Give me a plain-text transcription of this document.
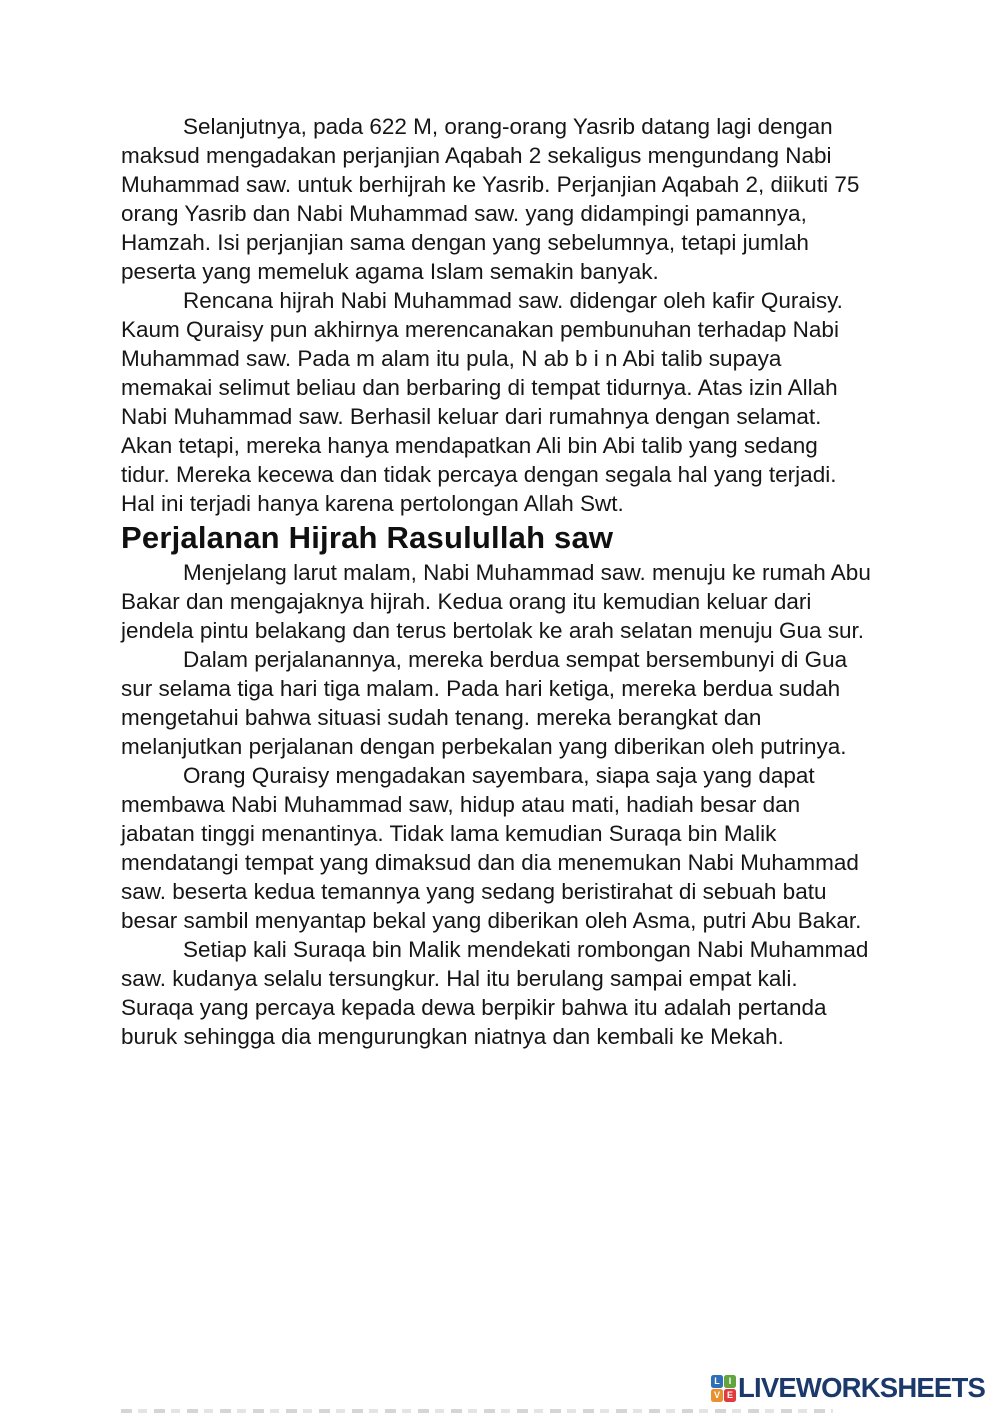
Selanjutnya, pada 622 M, orang-orang Yasrib datang lagi dengan
maksud mengadakan perjanjian Aqabah 2 sekaligus mengundang Nabi
Muhammad saw. untuk berhijrah ke Yasrib. Perjanjian Aqabah 2, diikuti 75
orang Yasrib dan Nabi Muhammad saw. yang didampingi pamannya,
Hamzah. Isi perjanjian sama dengan yang sebelumnya, tetapi jumlah
peserta yang memeluk agama Islam semakin banyak.

Rencana hijrah Nabi Muhammad saw. didengar oleh kafir Quraisy.
Kaum Quraisy pun akhirnya merencanakan pembunuhan terhadap Nabi
Muhammad saw. Pada m alam itu pula, N ab b i n Abi talib supaya
memakai selimut beliau dan berbaring di tempat tidurnya. Atas izin Allah
Nabi Muhammad saw. Berhasil keluar dari rumahnya dengan selamat.
Akan tetapi, mereka hanya mendapatkan Ali bin Abi talib yang sedang
tidur. Mereka kecewa dan tidak percaya dengan segala hal yang terjadi.
Hal ini terjadi hanya karena pertolongan Allah Swt.

Perjalanan Hijrah Rasulullah saw

Menjelang larut malam, Nabi Muhammad saw. menuju ke rumah Abu
Bakar dan mengajaknya hijrah. Kedua orang itu kemudian keluar dari
jendela pintu belakang dan terus bertolak ke arah selatan menuju Gua sur.

Dalam perjalanannya, mereka berdua sempat bersembunyi di Gua
sur selama tiga hari tiga malam. Pada hari ketiga, mereka berdua sudah
mengetahui bahwa situasi sudah tenang. mereka berangkat dan
melanjutkan perjalanan dengan perbekalan yang diberikan oleh putrinya.

Orang Quraisy mengadakan sayembara, siapa saja yang dapat
membawa Nabi Muhammad saw, hidup atau mati, hadiah besar dan
jabatan tinggi menantinya. Tidak lama kemudian Suraqa bin Malik
mendatangi tempat yang dimaksud dan dia menemukan Nabi Muhammad
saw. beserta kedua temannya yang sedang beristirahat di sebuah batu
besar sambil menyantap bekal yang diberikan oleh Asma, putri Abu Bakar.

Setiap kali Suraqa bin Malik mendekati rombongan Nabi Muhammad
saw. kudanya selalu tersungkur. Hal itu berulang sampai empat kali.
Suraqa yang percaya kepada dewa berpikir bahwa itu adalah pertanda
buruk sehingga dia mengurungkan niatnya dan kembali ke Mekah.

L I
V E LIVEWORKSHEETS
